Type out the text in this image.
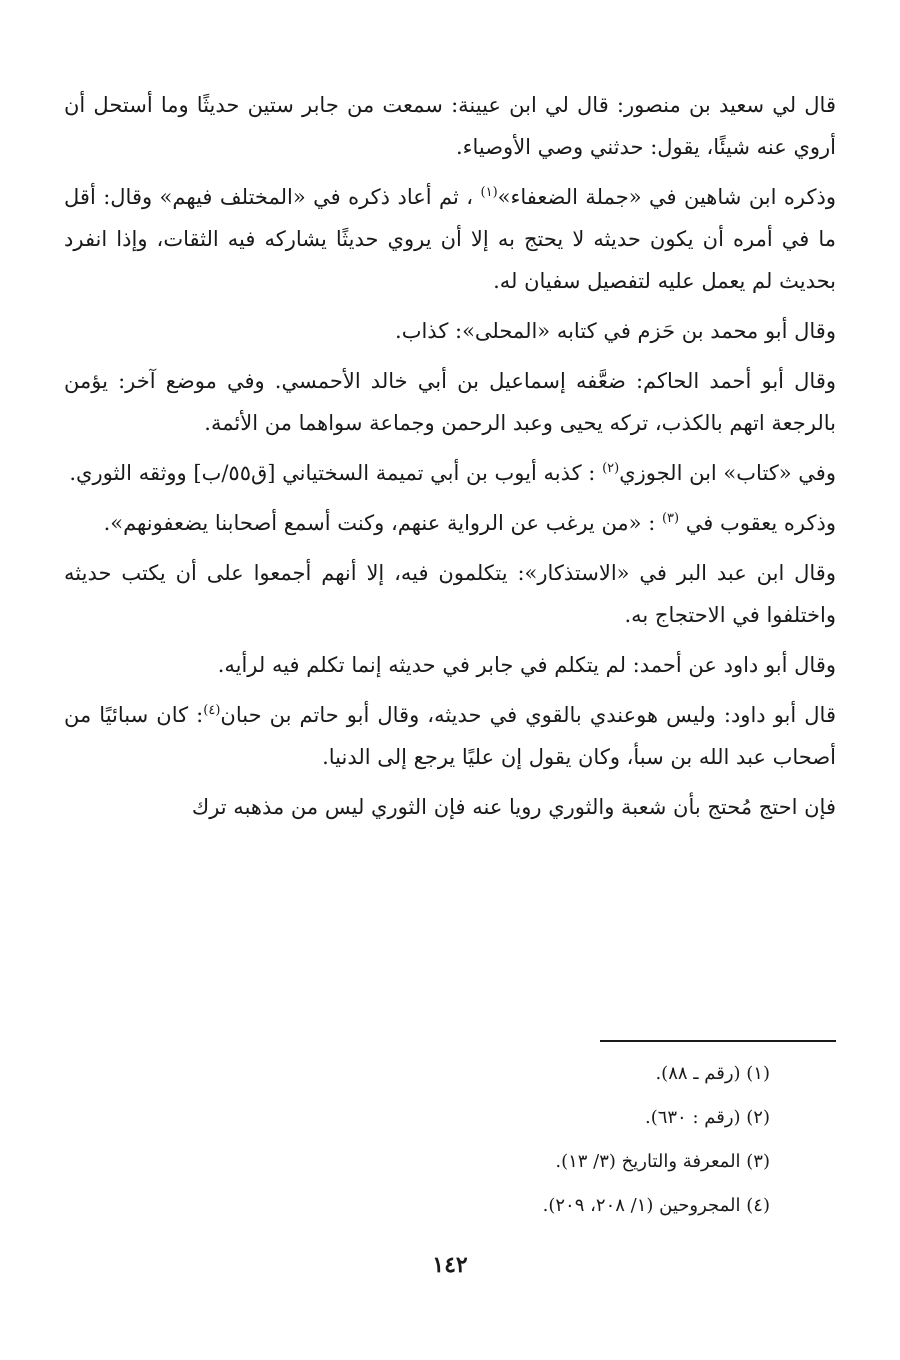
قال لي سعيد بن منصور: قال لي ابن عيينة: سمعت من جابر ستين حديثًا وما أستحل أن أروي عنه شيئًا، يقول: حدثني وصي الأوصياء.

وذكره ابن شاهين في «جملة الضعفاء»$^{(١)}$ ، ثم أعاد ذكره في «المختلف فيهم» وقال: أقل ما في أمره أن يكون حديثه لا يحتج به إلا أن يروي حديثًا يشاركه فيه الثقات، وإذا انفرد بحديث لم يعمل عليه لتفصيل سفيان له.

وقال أبو محمد بن حَزم في كتابه «المحلى»: كذاب.

وقال أبو أحمد الحاكم: ضعَّفه إسماعيل بن أبي خالد الأحمسي. وفي موضع آخر: يؤمن بالرجعة اتهم بالكذب، تركه يحيى وعبد الرحمن وجماعة سواهما من الأئمة.

وفي «كتاب» ابن الجوزي$^{(٢)}$ : كذبه أيوب بن أبي تميمة السختياني [ق٥٥/ب] ووثقه الثوري.

وذكره يعقوب في $^{(٣)}$ : «من يرغب عن الرواية عنهم، وكنت أسمع أصحابنا يضعفونهم».

وقال ابن عبد البر في «الاستذكار»: يتكلمون فيه، إلا أنهم أجمعوا على أن يكتب حديثه واختلفوا في الاحتجاج به.

وقال أبو داود عن أحمد: لم يتكلم في جابر في حديثه إنما تكلم فيه لرأيه.

قال أبو داود: وليس هوعندي بالقوي في حديثه، وقال أبو حاتم بن حبان$^{(٤)}$: كان سبائيًا من أصحاب عبد الله بن سبأ، وكان يقول إن عليًا يرجع إلى الدنيا.

فإن احتج مُحتج بأن شعبة والثوري رويا عنه فإن الثوري ليس من مذهبه ترك

(١) (رقم ـ ٨٨).
(٢) (رقم : ٦٣٠).
(٣) المعرفة والتاريخ (٣/ ١٣).
(٤) المجروحين (١/ ٢٠٨، ٢٠٩).
١٤٢
